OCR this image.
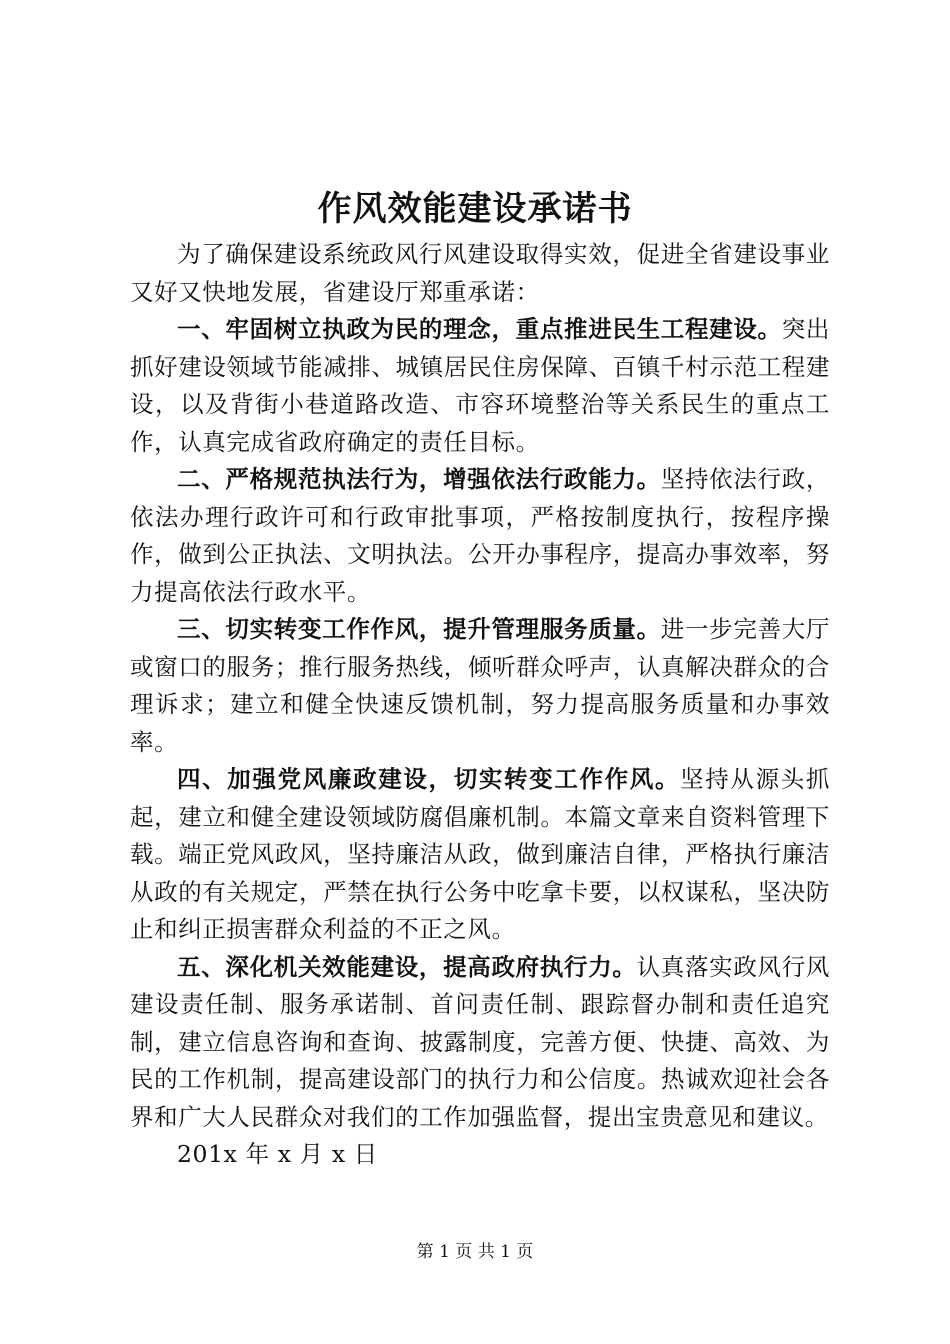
作风效能建设承诺书

为了确保建设系统政风行风建设取得实效，促进全省建设事业又好又快地发展，省建设厅郑重承诺：

一、牢固树立执政为民的理念，重点推进民生工程建设。突出抓好建设领域节能减排、城镇居民住房保障、百镇千村示范工程建设，以及背街小巷道路改造、市容环境整治等关系民生的重点工作，认真完成省政府确定的责任目标。

二、严格规范执法行为，增强依法行政能力。坚持依法行政，依法办理行政许可和行政审批事项，严格按制度执行，按程序操作，做到公正执法、文明执法。公开办事程序，提高办事效率，努力提高依法行政水平。

三、切实转变工作作风，提升管理服务质量。进一步完善大厅或窗口的服务；推行服务热线，倾听群众呼声，认真解决群众的合理诉求；建立和健全快速反馈机制，努力提高服务质量和办事效率。

四、加强党风廉政建设，切实转变工作作风。坚持从源头抓起，建立和健全建设领域防腐倡廉机制。本篇文章来自资料管理下载。端正党风政风，坚持廉洁从政，做到廉洁自律，严格执行廉洁从政的有关规定，严禁在执行公务中吃拿卡要，以权谋私，坚决防止和纠正损害群众利益的不正之风。

五、深化机关效能建设，提高政府执行力。认真落实政风行风建设责任制、服务承诺制、首问责任制、跟踪督办制和责任追究制，建立信息咨询和查询、披露制度，完善方便、快捷、高效、为民的工作机制，提高建设部门的执行力和公信度。热诚欢迎社会各界和广大人民群众对我们的工作加强监督，提出宝贵意见和建议。

201x 年 x 月 x 日

第 1 页 共 1 页
